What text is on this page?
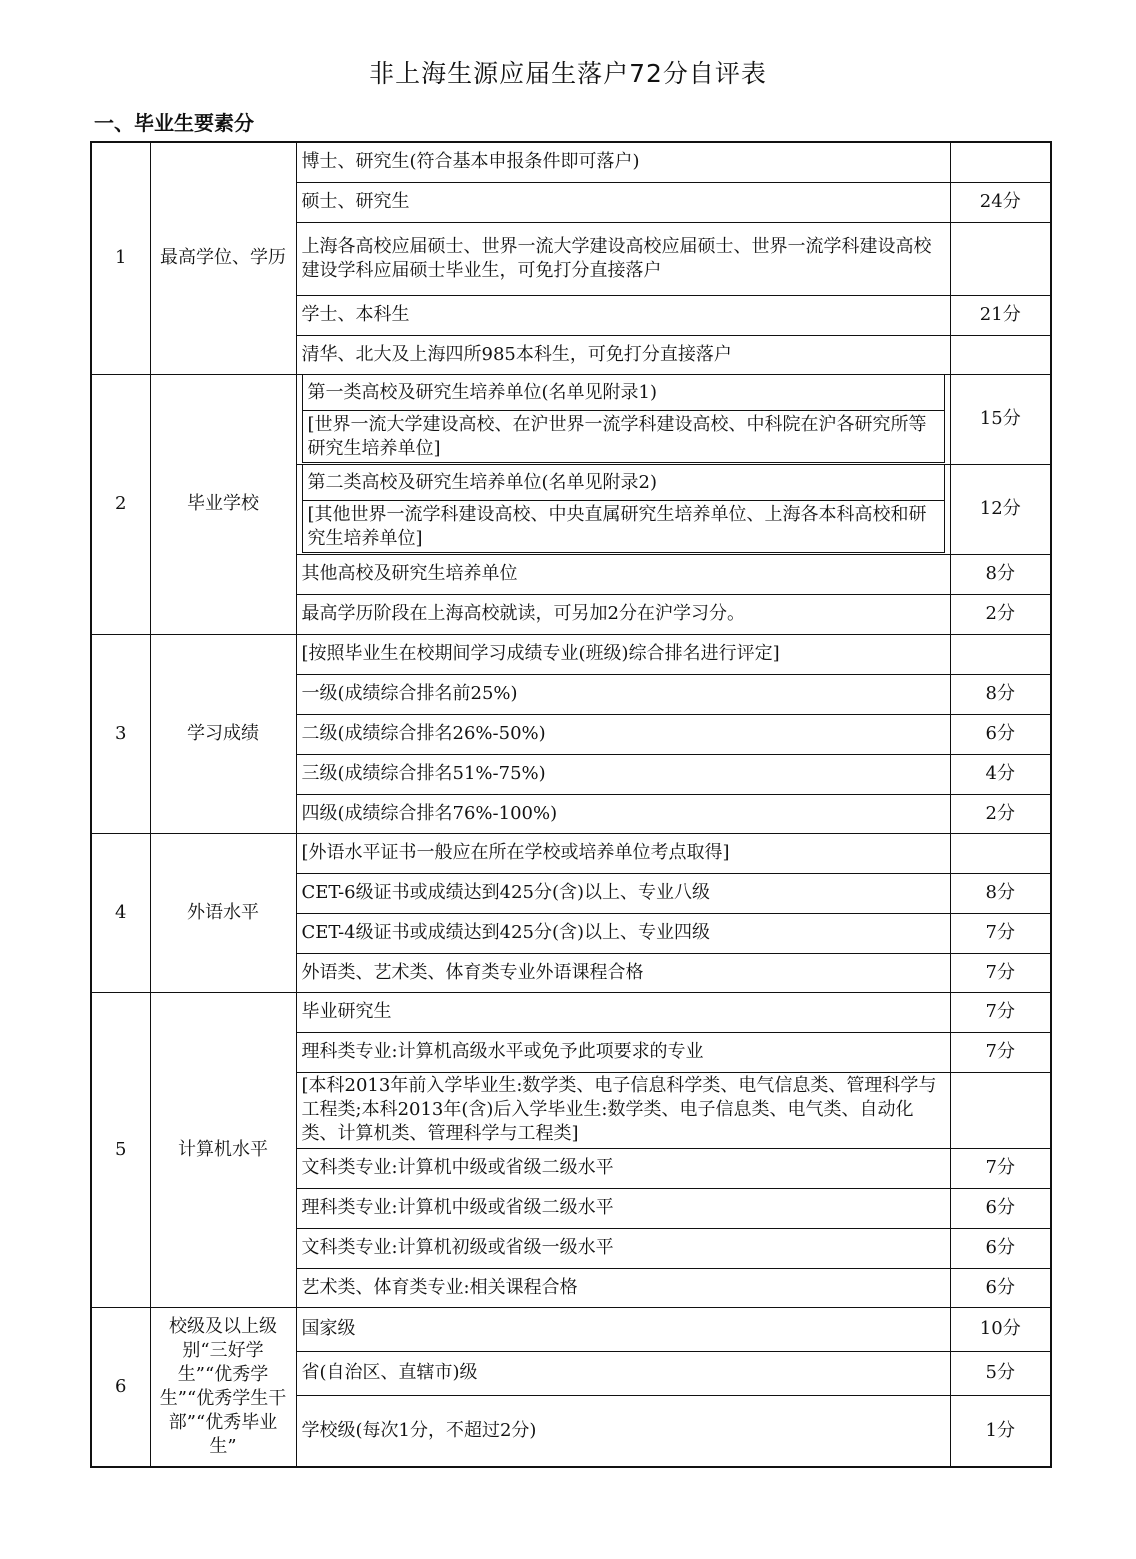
非上海生源应届生落户72分自评表
一、毕业生要素分
1	最高学位、学历	博士、研究生(符合基本申报条件即可落户)	
硕士、研究生	24分
上海各高校应届硕士、世界一流大学建设高校应届硕士、世界一流学科建设高校建设学科应届硕士毕业生，可免打分直接落户	
学士、本科生	21分
清华、北大及上海四所985本科生，可免打分直接落户	
2	毕业学校	
第一类高校及研究生培养单位(名单见附录1)
[世界一流大学建设高校、在沪世界一流学科建设高校、中科院在沪各研究所等研究生培养单位]
	15分

第二类高校及研究生培养单位(名单见附录2)
[其他世界一流学科建设高校、中央直属研究生培养单位、上海各本科高校和研究生培养单位]
	12分
其他高校及研究生培养单位	8分
最高学历阶段在上海高校就读，可另加2分在沪学习分。	2分
3	学习成绩	[按照毕业生在校期间学习成绩专业(班级)综合排名进行评定]	
一级(成绩综合排名前25%)	8分
二级(成绩综合排名26%-50%)	6分
三级(成绩综合排名51%-75%)	4分
四级(成绩综合排名76%-100%)	2分
4	外语水平	[外语水平证书一般应在所在学校或培养单位考点取得]	
CET-6级证书或成绩达到425分(含)以上、专业八级	8分
CET-4级证书或成绩达到425分(含)以上、专业四级	7分
外语类、艺术类、体育类专业外语课程合格	7分
5	计算机水平	毕业研究生	7分
理科类专业:计算机高级水平或免予此项要求的专业	7分
[本科2013年前入学毕业生:数学类、电子信息科学类、电气信息类、管理科学与工程类;本科2013年(含)后入学毕业生:数学类、电子信息类、电气类、自动化类、计算机类、管理科学与工程类]	
文科类专业:计算机中级或省级二级水平	7分
理科类专业:计算机中级或省级二级水平	6分
文科类专业:计算机初级或省级一级水平	6分
艺术类、体育类专业:相关课程合格	6分
6	校级及以上级别“三好学生”“优秀学生”“优秀学生干部”“优秀毕业生”	国家级	10分
省(自治区、直辖市)级	5分
学校级(每次1分，不超过2分)	1分
